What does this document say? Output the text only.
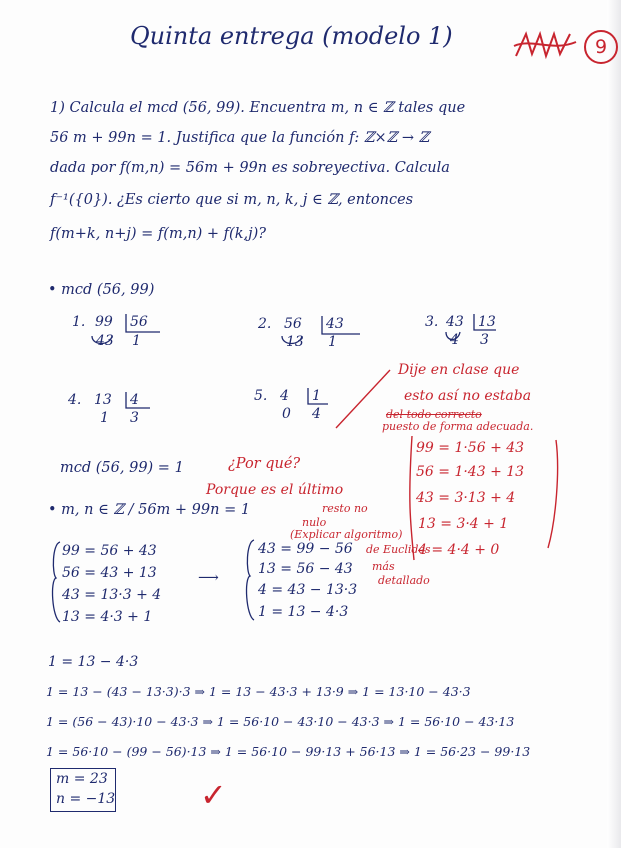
Quinta entrega (modelo 1)	9
1) Calcula el mcd (56, 99). Encuentra m, n ∈ ℤ tales que
56 m + 99n = 1. Justifica que la función f: ℤ×ℤ → ℤ
dada por f(m,n) = 56m + 99n es sobreyectiva. Calcula
f⁻¹({0}). ¿Es cierto que si m, n, k, j ∈ ℤ, entonces
f(m+k, n+j) = f(m,n) + f(k,j)?
• mcd (56, 99)
1. 99 56
43 1
2. 56 43
13 1
3. 43 13
4 3
4. 13 4
1 3
5. 4 1
0 4
Dije en clase que
esto así no estaba
del todo correcto
puesto de forma adecuada.
99 = 1·56 + 43
56 = 1·43 + 13
43 = 3·13 + 4
13 = 3·4 + 1
4 = 4·4 + 0
mcd (56, 99) = 1	¿Por qué?
Porque es el último
resto no
nulo
(Explicar algoritmo)
de Euclides
más
detallado
• m, n ∈ ℤ / 56m + 99n = 1
99 = 56 + 43
56 = 43 + 13
43 = 13·3 + 4
13 = 4·3 + 1
⟶
43 = 99 − 56
13 = 56 − 43
4 = 43 − 13·3
1 = 13 − 4·3
1 = 13 − 4·3
1 = 13 − (43 − 13·3)·3 ⇒ 1 = 13 − 43·3 + 13·9 ⇒ 1 = 13·10 − 43·3
1 = (56 − 43)·10 − 43·3 ⇒ 1 = 56·10 − 43·10 − 43·3 ⇒ 1 = 56·10 − 43·13
1 = 56·10 − (99 − 56)·13 ⇒ 1 = 56·10 − 99·13 + 56·13 ⇒ 1 = 56·23 − 99·13
m = 23
n = −13	✓
